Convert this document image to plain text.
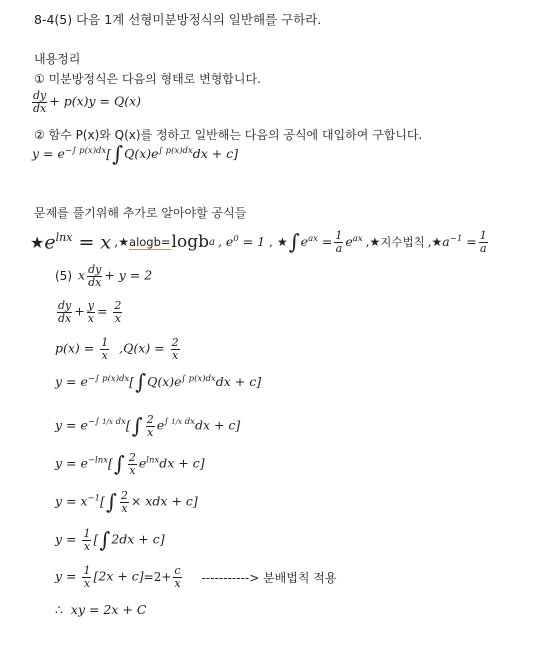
8-4(5) 다음 1계 선형미분방정식의 일반해를 구하라.
내용정리
① 미분방정식은 다음의 형태로 변형합니다.
$\frac{dy}{dx} + p(x)y = Q(x)$
② 함수 P(x)와 Q(x)를 정하고 일반해는 다음의 공식에 대입하여 구합니다.
$y = e^{-\int p(x)dx}[\int Q(x)e^{\int p(x)dx}dx + c]$
문제를 풀기위해 추가로 알아야할 공식들
★ $e^{lnx} = x$ , ★ alogb= logb a , $e^0 = 1$ , ★ ∫ $e^{ax} = \frac{1}{a} e^{ax}$ , ★ 지수법칙 , ★ $a^{-1} = \frac{1}{a}$
(5) x $\frac{dy}{dx} + y = 2$
$\frac{dy}{dx} + \frac{y}{x} = \frac{2}{x}$
$p(x) = \frac{1}{x} ,Q(x) = \frac{2}{x}$
$y = e^{-\int p(x)dx}[\int Q(x)e^{\int p(x)dx}dx + c]$
$y = e^{-\int 1/x dx}[\int \frac{2}{x} e^{\int 1/x dx}dx + c]$
$y = e^{-lnx}[\int \frac{2}{x} e^{lnx}dx + c]$
$y = x^{-1}[\int \frac{2}{x}$ × xdx + c]
$y = \frac{1}{x} [\int 2dx + c]$
$y = \frac{1}{x} [2x + c] =2+ \frac{c}{x}$ -----------> 분배법칙 적용
∴  xy = 2x + C
